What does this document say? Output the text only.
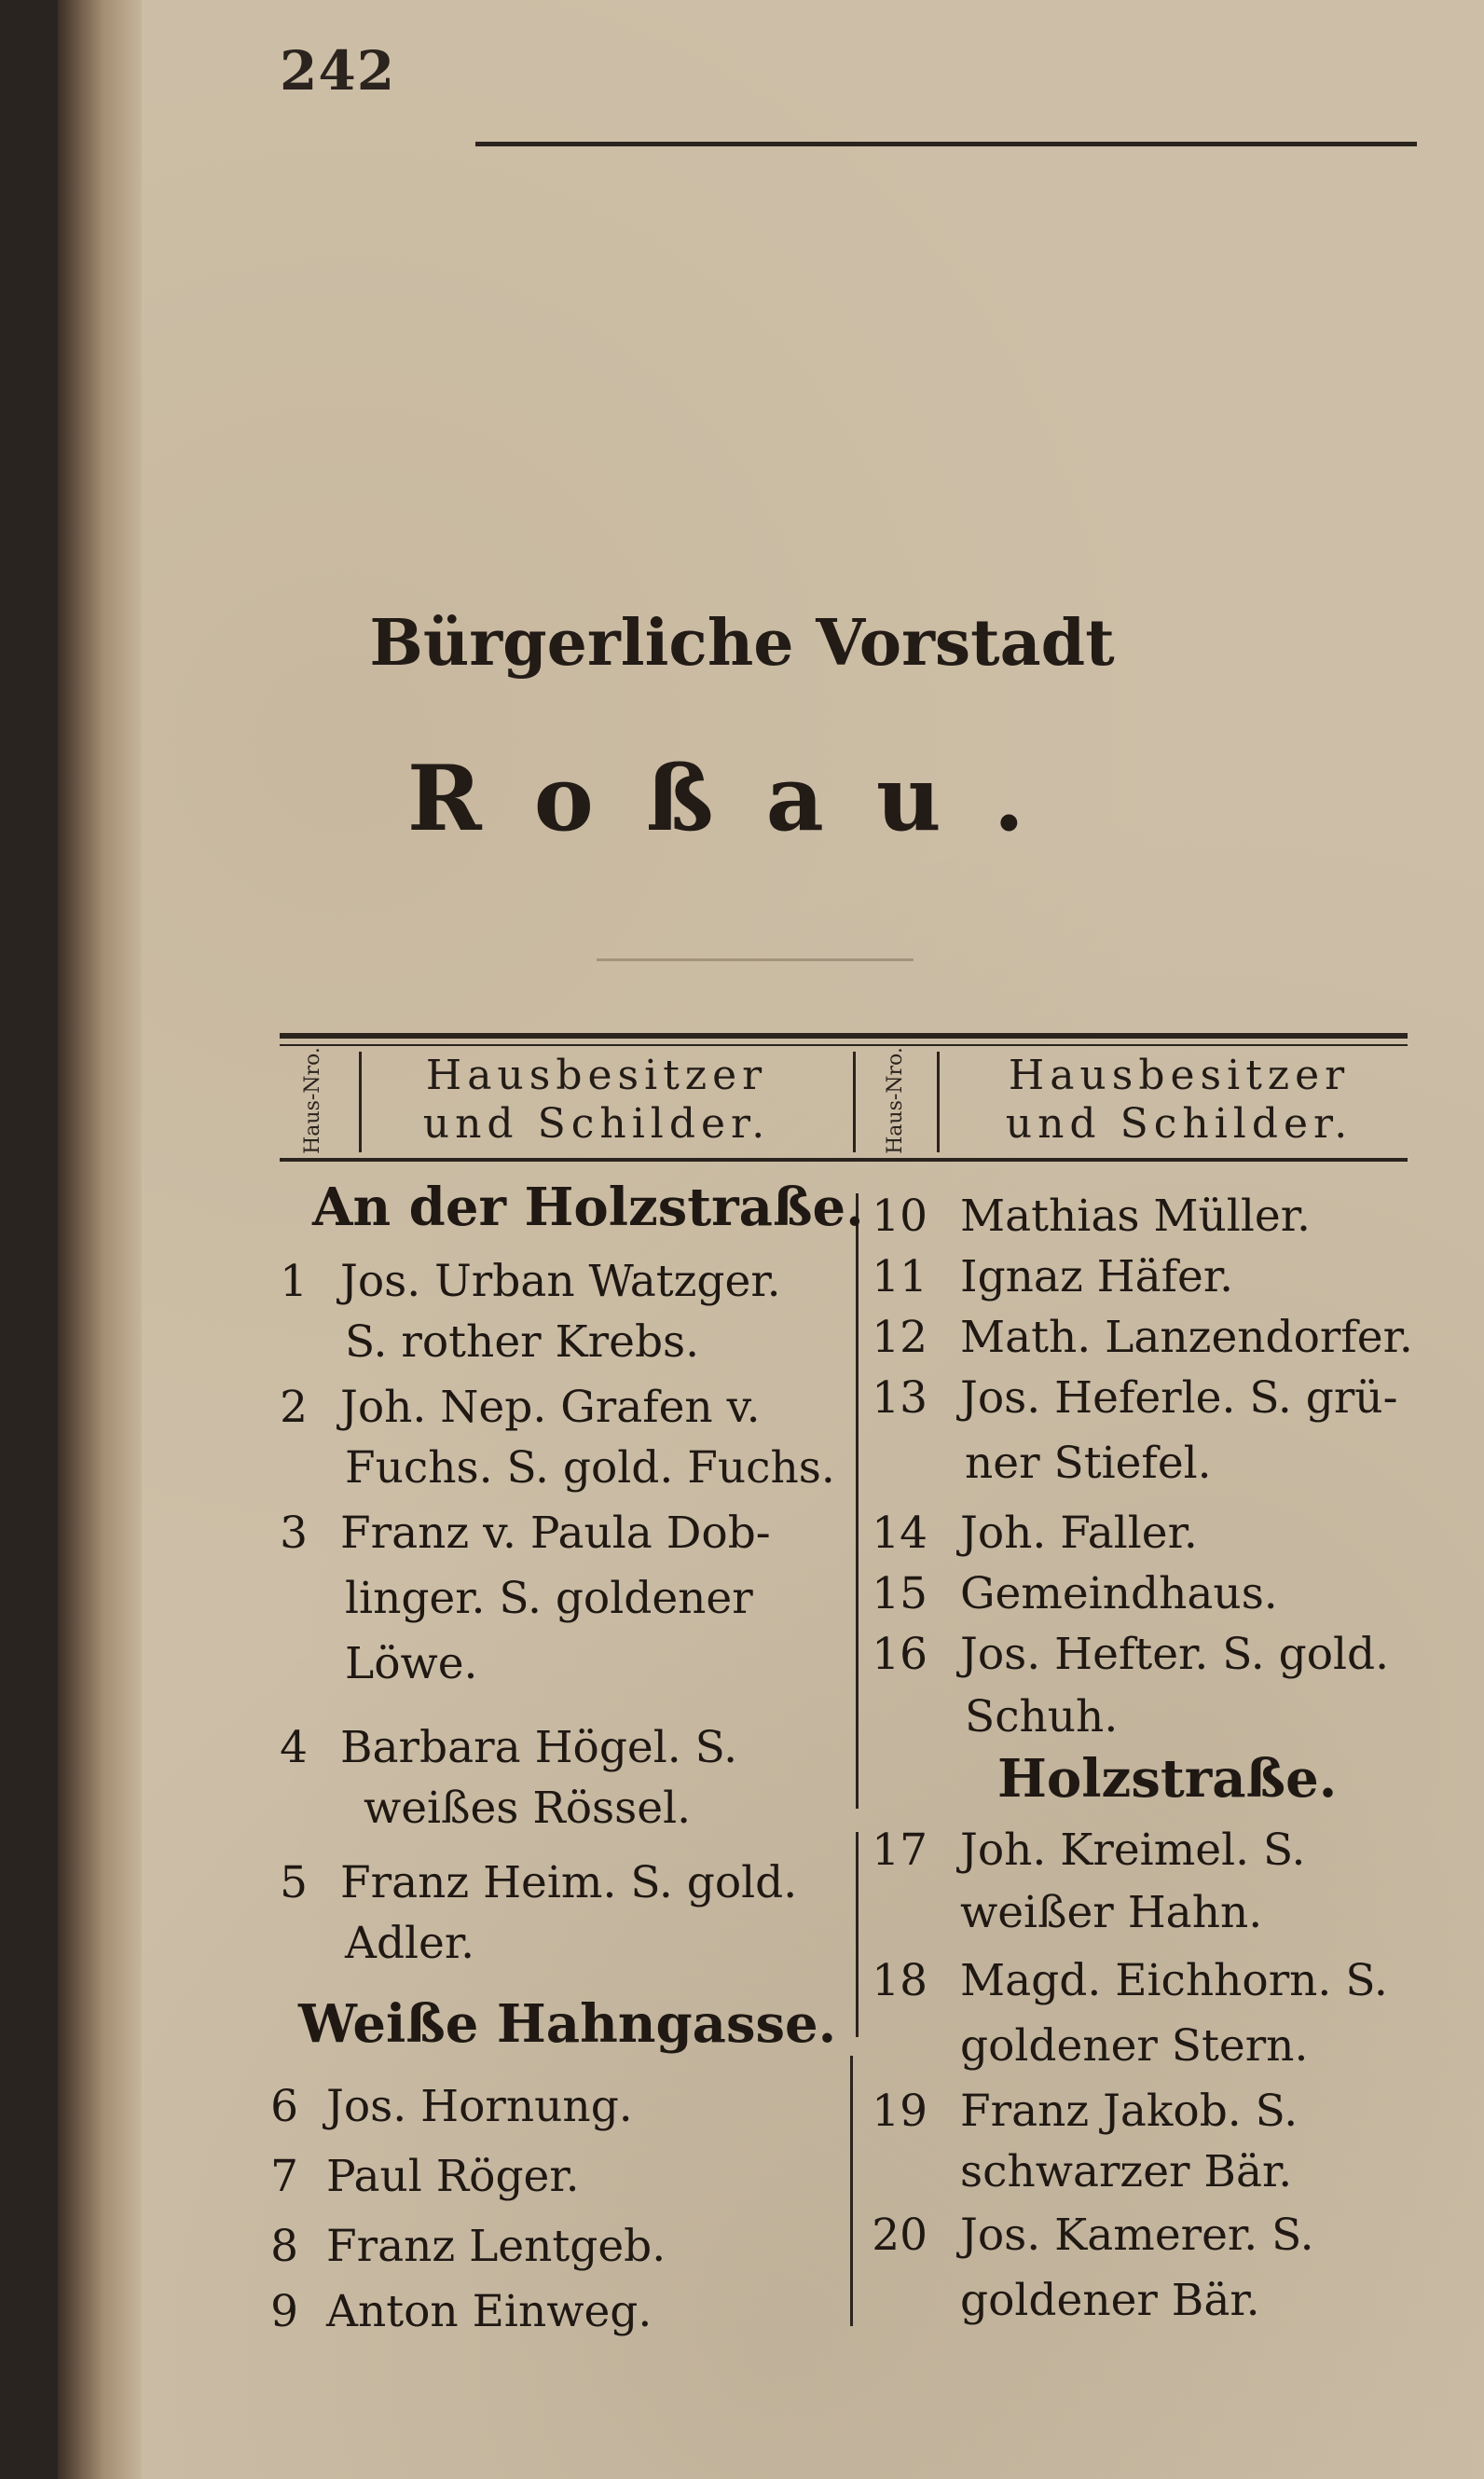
242
Bürgerliche Vorstadt
Roßau.
Haus-Nro.	Hausbesitzer
und Schilder.	Haus-Nro.	Hausbesitzer
und Schilder.
An der Holzstraße.
1 Jos. Urban Watzger.
S. rother Krebs.
2 Joh. Nep. Grafen v.
Fuchs. S. gold. Fuchs.
3 Franz v. Paula Dob-
linger. S. goldener
Löwe.
4 Barbara Högel. S.
weißes Rössel.
5 Franz Heim. S. gold.
Adler.
Weiße Hahngasse.
6 Jos. Hornung.
7 Paul Röger.
8 Franz Lentgeb.
9 Anton Einweg.
10 Mathias Müller.
11 Ignaz Häfer.
12 Math. Lanzendorfer.
13 Jos. Heferle. S. grü-
ner Stiefel.
14 Joh. Faller.
15 Gemeindhaus.
16 Jos. Hefter. S. gold.
Schuh.
Holzstraße.
17 Joh. Kreimel. S.
weißer Hahn.
18 Magd. Eichhorn. S.
goldener Stern.
19 Franz Jakob. S.
schwarzer Bär.
20 Jos. Kamerer. S.
goldener Bär.
